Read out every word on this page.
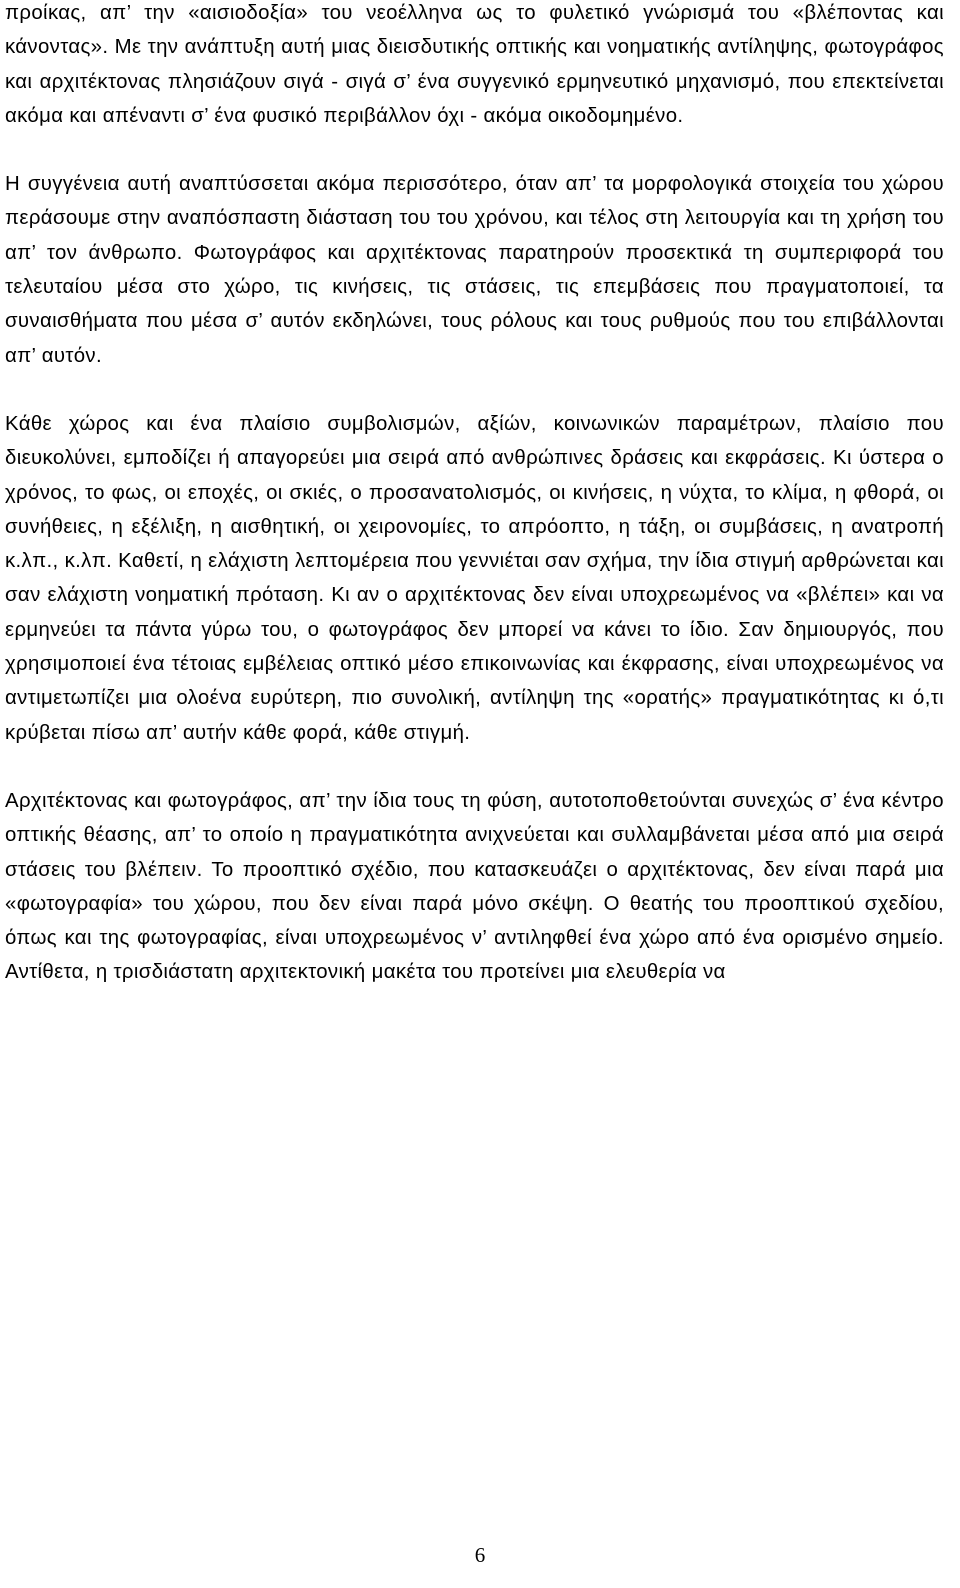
προίκας, απ’ την «αισιοδοξία» του νεοέλληνα ως το φυλετικό γνώρισμά του «βλέποντας και κάνοντας». Με την ανάπτυξη αυτή μιας διεισδυτικής οπτικής και νοηματικής αντίληψης, φωτογράφος και αρχιτέκτονας πλησιάζουν σιγά - σιγά σ’ ένα συγγενικό ερμηνευτικό μηχανισμό, που επεκτείνεται ακόμα και απέναντι σ’ ένα φυσικό περιβάλλον όχι - ακόμα οικοδομημένο.

Η συγγένεια αυτή αναπτύσσεται ακόμα περισσότερο, όταν απ’ τα μορφολογικά στοιχεία του χώρου περάσουμε στην αναπόσπαστη διάσταση του του χρόνου, και τέλος στη λειτουργία και τη χρήση του απ’ τον άνθρωπο. Φωτογράφος και αρχιτέκτονας παρατηρούν προσεκτικά τη συμπεριφορά του τελευταίου μέσα στο χώρο, τις κινήσεις, τις στάσεις, τις επεμβάσεις που πραγματοποιεί, τα συναισθήματα που μέσα σ’ αυτόν εκδηλώνει, τους ρόλους και τους ρυθμούς που του επιβάλλονται απ’ αυτόν.

Κάθε χώρος και ένα πλαίσιο συμβολισμών, αξίών, κοινωνικών παραμέτρων, πλαίσιο που διευκολύνει, εμποδίζει ή απαγορεύει μια σειρά από ανθρώπινες δράσεις και εκφράσεις. Κι ύστερα ο χρόνος, το φως, οι εποχές, οι σκιές, ο προσανατολισμός, οι κινήσεις, η νύχτα, το κλίμα, η φθορά, οι συνήθειες, η εξέλιξη, η αισθητική, οι χειρονομίες, το απρόοπτο, η τάξη, οι συμβάσεις, η ανατροπή κ.λπ., κ.λπ. Καθετί, η ελάχιστη λεπτομέρεια που γεννιέται σαν σχήμα, την ίδια στιγμή αρθρώνεται και σαν ελάχιστη νοηματική πρόταση. Κι αν ο αρχιτέκτονας δεν είναι υποχρεωμένος να «βλέπει» και να ερμηνεύει τα πάντα γύρω του, ο φωτογράφος δεν μπορεί να κάνει το ίδιο. Σαν δημιουργός, που χρησιμοποιεί ένα τέτοιας εμβέλειας οπτικό μέσο επικοινωνίας και έκφρασης, είναι υποχρεωμένος να αντιμετωπίζει μια ολοένα ευρύτερη, πιο συνολική, αντίληψη της «ορατής» πραγματικότητας κι ό,τι κρύβεται πίσω απ’ αυτήν κάθε φορά, κάθε στιγμή.

Αρχιτέκτονας και φωτογράφος, απ’ την ίδια τους τη φύση, αυτοτοποθετούνται συνεχώς σ’ ένα κέντρο οπτικής θέασης, απ’ το οποίο η πραγματικότητα ανιχνεύεται και συλλαμβάνεται μέσα από μια σειρά στάσεις του βλέπειν. Το προοπτικό σχέδιο, που κατασκευάζει ο αρχιτέκτονας, δεν είναι παρά μια «φωτογραφία» του χώρου, που δεν είναι παρά μόνο σκέψη. Ο θεατής του προοπτικού σχεδίου, όπως και της φωτογραφίας, είναι υποχρεωμένος ν’ αντιληφθεί ένα χώρο από ένα ορισμένο σημείο. Αντίθετα, η τρισδιάστατη αρχιτεκτονική μακέτα του προτείνει μια ελευθερία να

6
